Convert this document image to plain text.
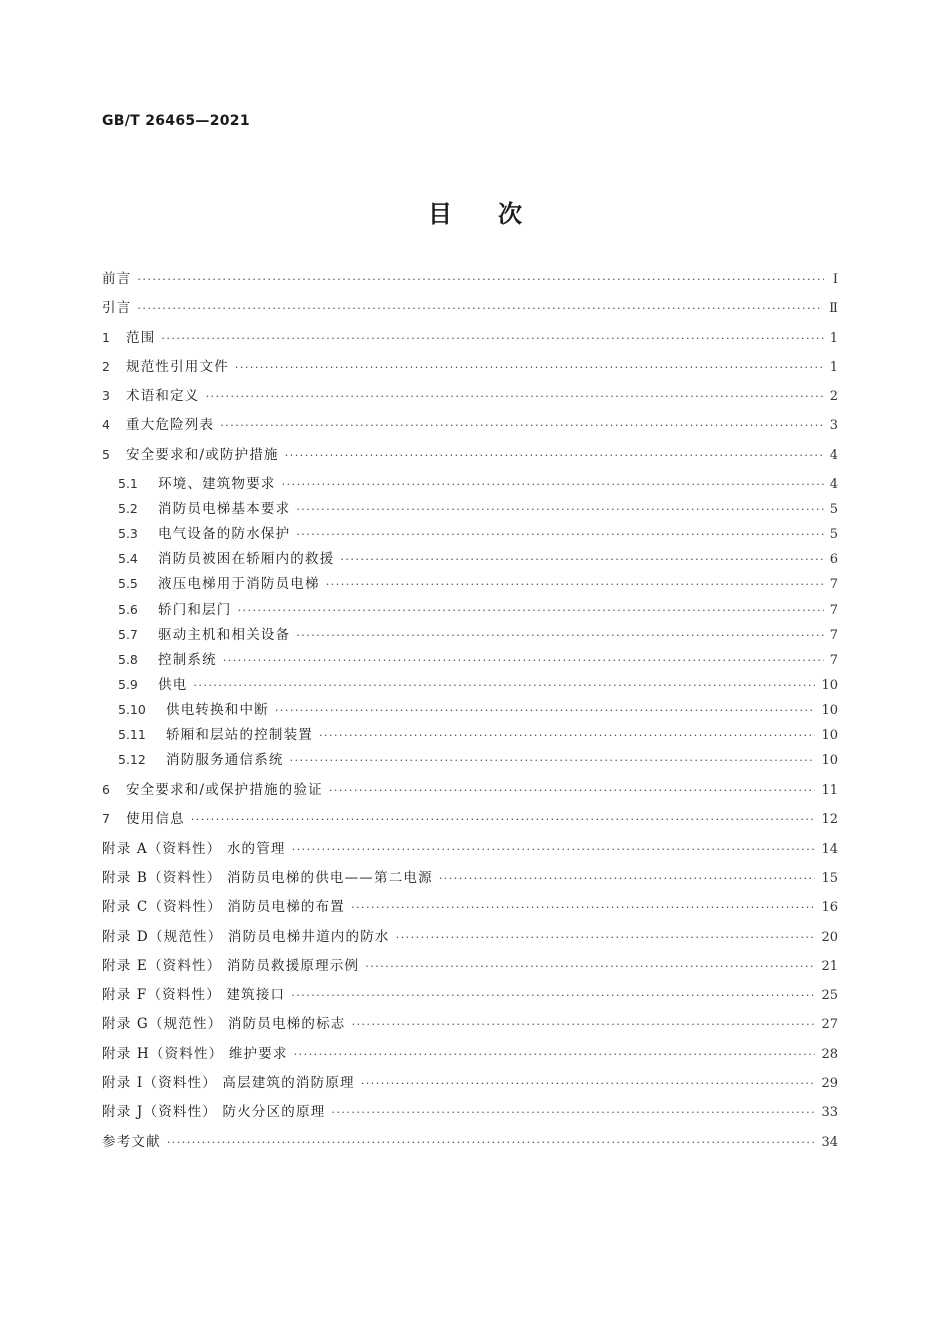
GB/T 26465—2021
目次
前言 ·····	Ⅰ
引言 ·····	Ⅱ
1	范围 ·····	1
2	规范性引用文件 ·····	1
3	术语和定义 ·····	2
4	重大危险列表 ·····	3
5	安全要求和/或防护措施 ·····	4
5.1	环境、建筑物要求 ·····	4
5.2	消防员电梯基本要求 ·····	5
5.3	电气设备的防水保护 ·····	5
5.4	消防员被困在轿厢内的救援 ·····	6
5.5	液压电梯用于消防员电梯 ·····	7
5.6	轿门和层门 ·····	7
5.7	驱动主机和相关设备 ·····	7
5.8	控制系统 ·····	7
5.9	供电 ·····	10
5.10	供电转换和中断 ·····	10
5.11	轿厢和层站的控制装置 ·····	10
5.12	消防服务通信系统 ·····	10
6	安全要求和/或保护措施的验证 ·····	11
7	使用信息 ·····	12
附录 A（资料性） 水的管理 ·····	14
附录 B（资料性） 消防员电梯的供电——第二电源 ·····	15
附录 C（资料性） 消防员电梯的布置 ·····	16
附录 D（规范性） 消防员电梯井道内的防水 ·····	20
附录 E（资料性） 消防员救援原理示例 ·····	21
附录 F（资料性） 建筑接口 ·····	25
附录 G（规范性） 消防员电梯的标志 ·····	27
附录 H（资料性） 维护要求 ·····	28
附录 I（资料性） 高层建筑的消防原理 ·····	29
附录 J（资料性） 防火分区的原理 ·····	33
参考文献 ·····	34
